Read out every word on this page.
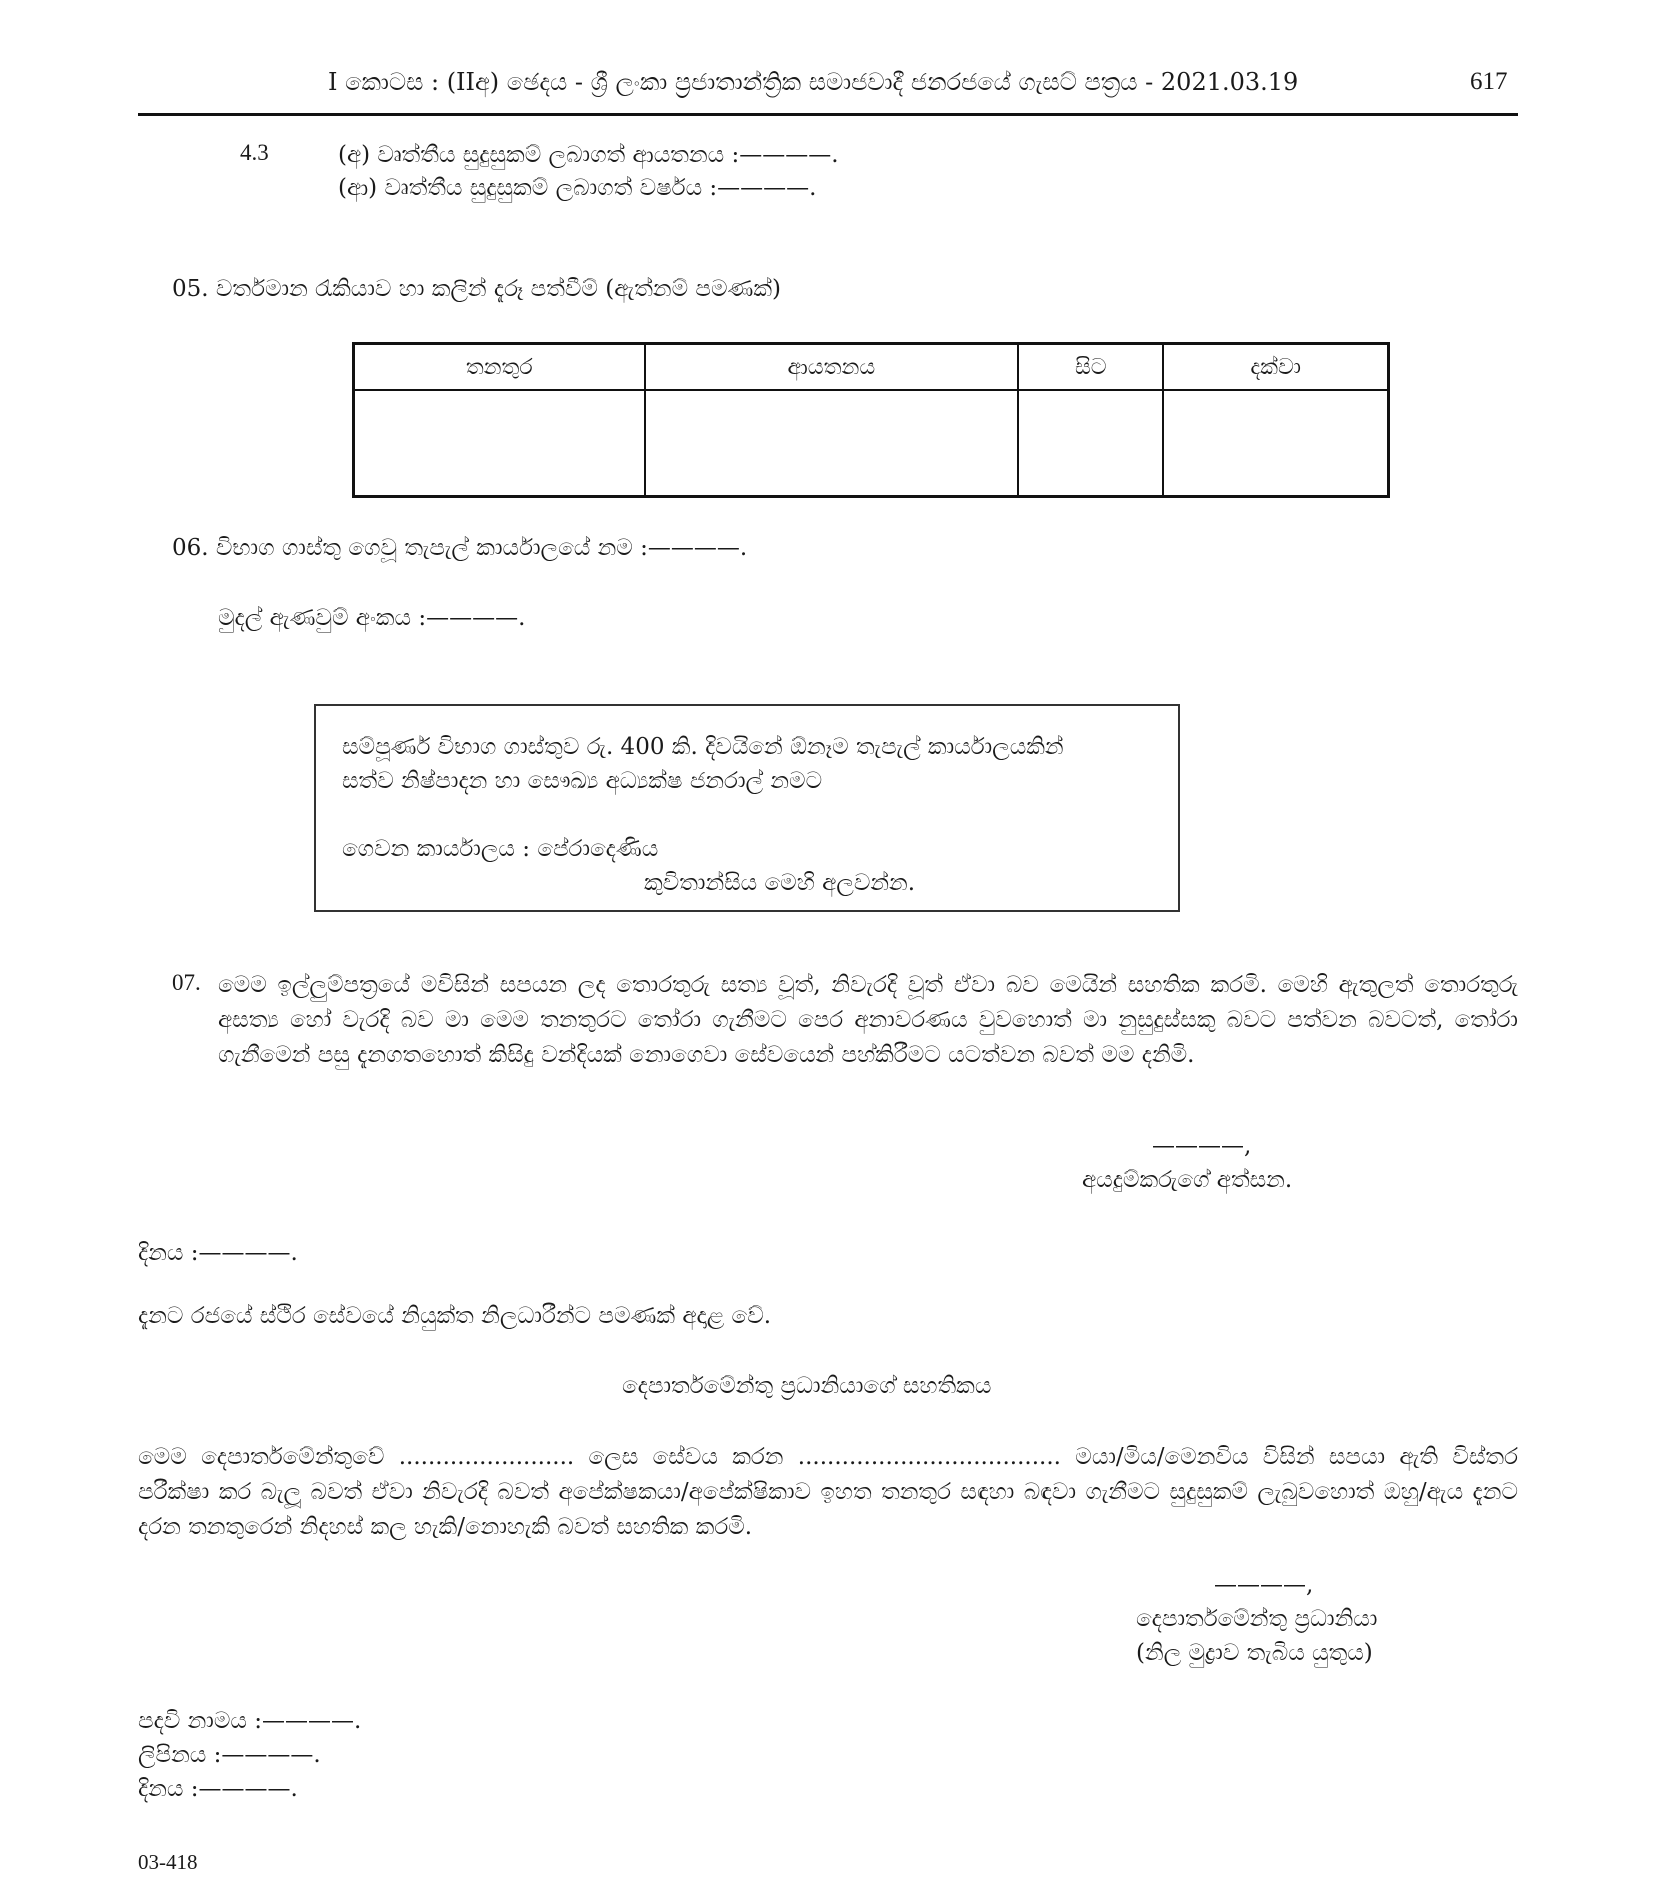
I කොටස : (IIඅ) ඡෙදය - ශ්‍රී ලංකා ප්‍රජාතාන්ත්‍රික සමාජවාදී ජනරජයේ ගැසට් පත්‍රය - 2021.03.19	617
4.3	(අ) වෘත්තීය සුදුසුකම් ලබාගත් ආයතනය :————.
(ආ) වෘත්තීය සුදුසුකම් ලබාගත් වර්ෂය :————.
05. වර්තමාන රැකියාව හා කලින් දැරූ පත්වීම් (ඇත්නම් පමණක්)
තනතුර	ආයතනය	සිට	දක්වා

06. විභාග ගාස්තු ගෙවූ තැපැල් කාර්යාලයේ නම :————.
මුදල් ඇණවුම් අංකය :————.
සම්පූර්ණ විභාග ගාස්තුව රු. 400 කි. දිවයිනේ ඕනෑම තැපැල් කාර්යාලයකින්
සත්ව නිෂ්පාදන හා සෞඛ්‍ය අධ්‍යක්ෂ ජනරාල් නමට
ගෙවන කාර්යාලය : පේරාදෙණිය
කුවිතාන්සිය මෙහි අලවන්න.
07. මෙම ඉල්ලුම්පත්‍රයේ මවිසින් සපයන ලද තොරතුරු සත්‍ය වූත්, නිවැරදි වූත් ඒවා බව මෙයින් සහතික කරමි. මෙහි ඇතුලත් තොරතුරු අසත්‍ය හෝ වැරදි බව මා මෙම තනතුරට තෝරා ගැනීමට පෙර අනාවරණය වුවහොත් මා නුසුදුස්සකු බවට පත්වන බවටත්, තෝරා ගැනීමෙන් පසු දැනගතහොත් කිසිදු වන්දියක් නොගෙවා සේවයෙන් පහ්කිරීමට යටත්වන බවත් මම දනිමි.
————,
අයදුම්කරුගේ අත්සන.
දිනය :————.
දැනට රජයේ ස්ථිර සේවයේ නියුක්ත නිලධාරීන්ට පමණක් අදාළ වේ.
දෙපාර්තමේන්තු ප්‍රධානියාගේ සහතිකය
මෙම දෙපාර්තමේන්තුවේ ........................ ලෙස සේවය කරන .................................... මයා/මිය/මෙනවිය විසින් සපයා ඇති විස්තර පරීක්ෂා කර බැලූ බවත් ඒවා නිවැරදි බවත් අපේක්ෂකයා/අපේක්ෂිකාව ඉහත තනතුර සඳහා බඳවා ගැනීමට සුදුසුකම් ලැබුවහොත් ඔහු/ඇය දැනට දරන තනතුරෙන් නිදහස් කල හැකි/නොහැකි බවත් සහතික කරමි.
————,
දෙපාර්තමේන්තු ප්‍රධානියා
(නිල මුද්‍රාව තැබිය යුතුය)
පදවි නාමය :————.
ලිපිනය :————.
දිනය :————.
03-418
